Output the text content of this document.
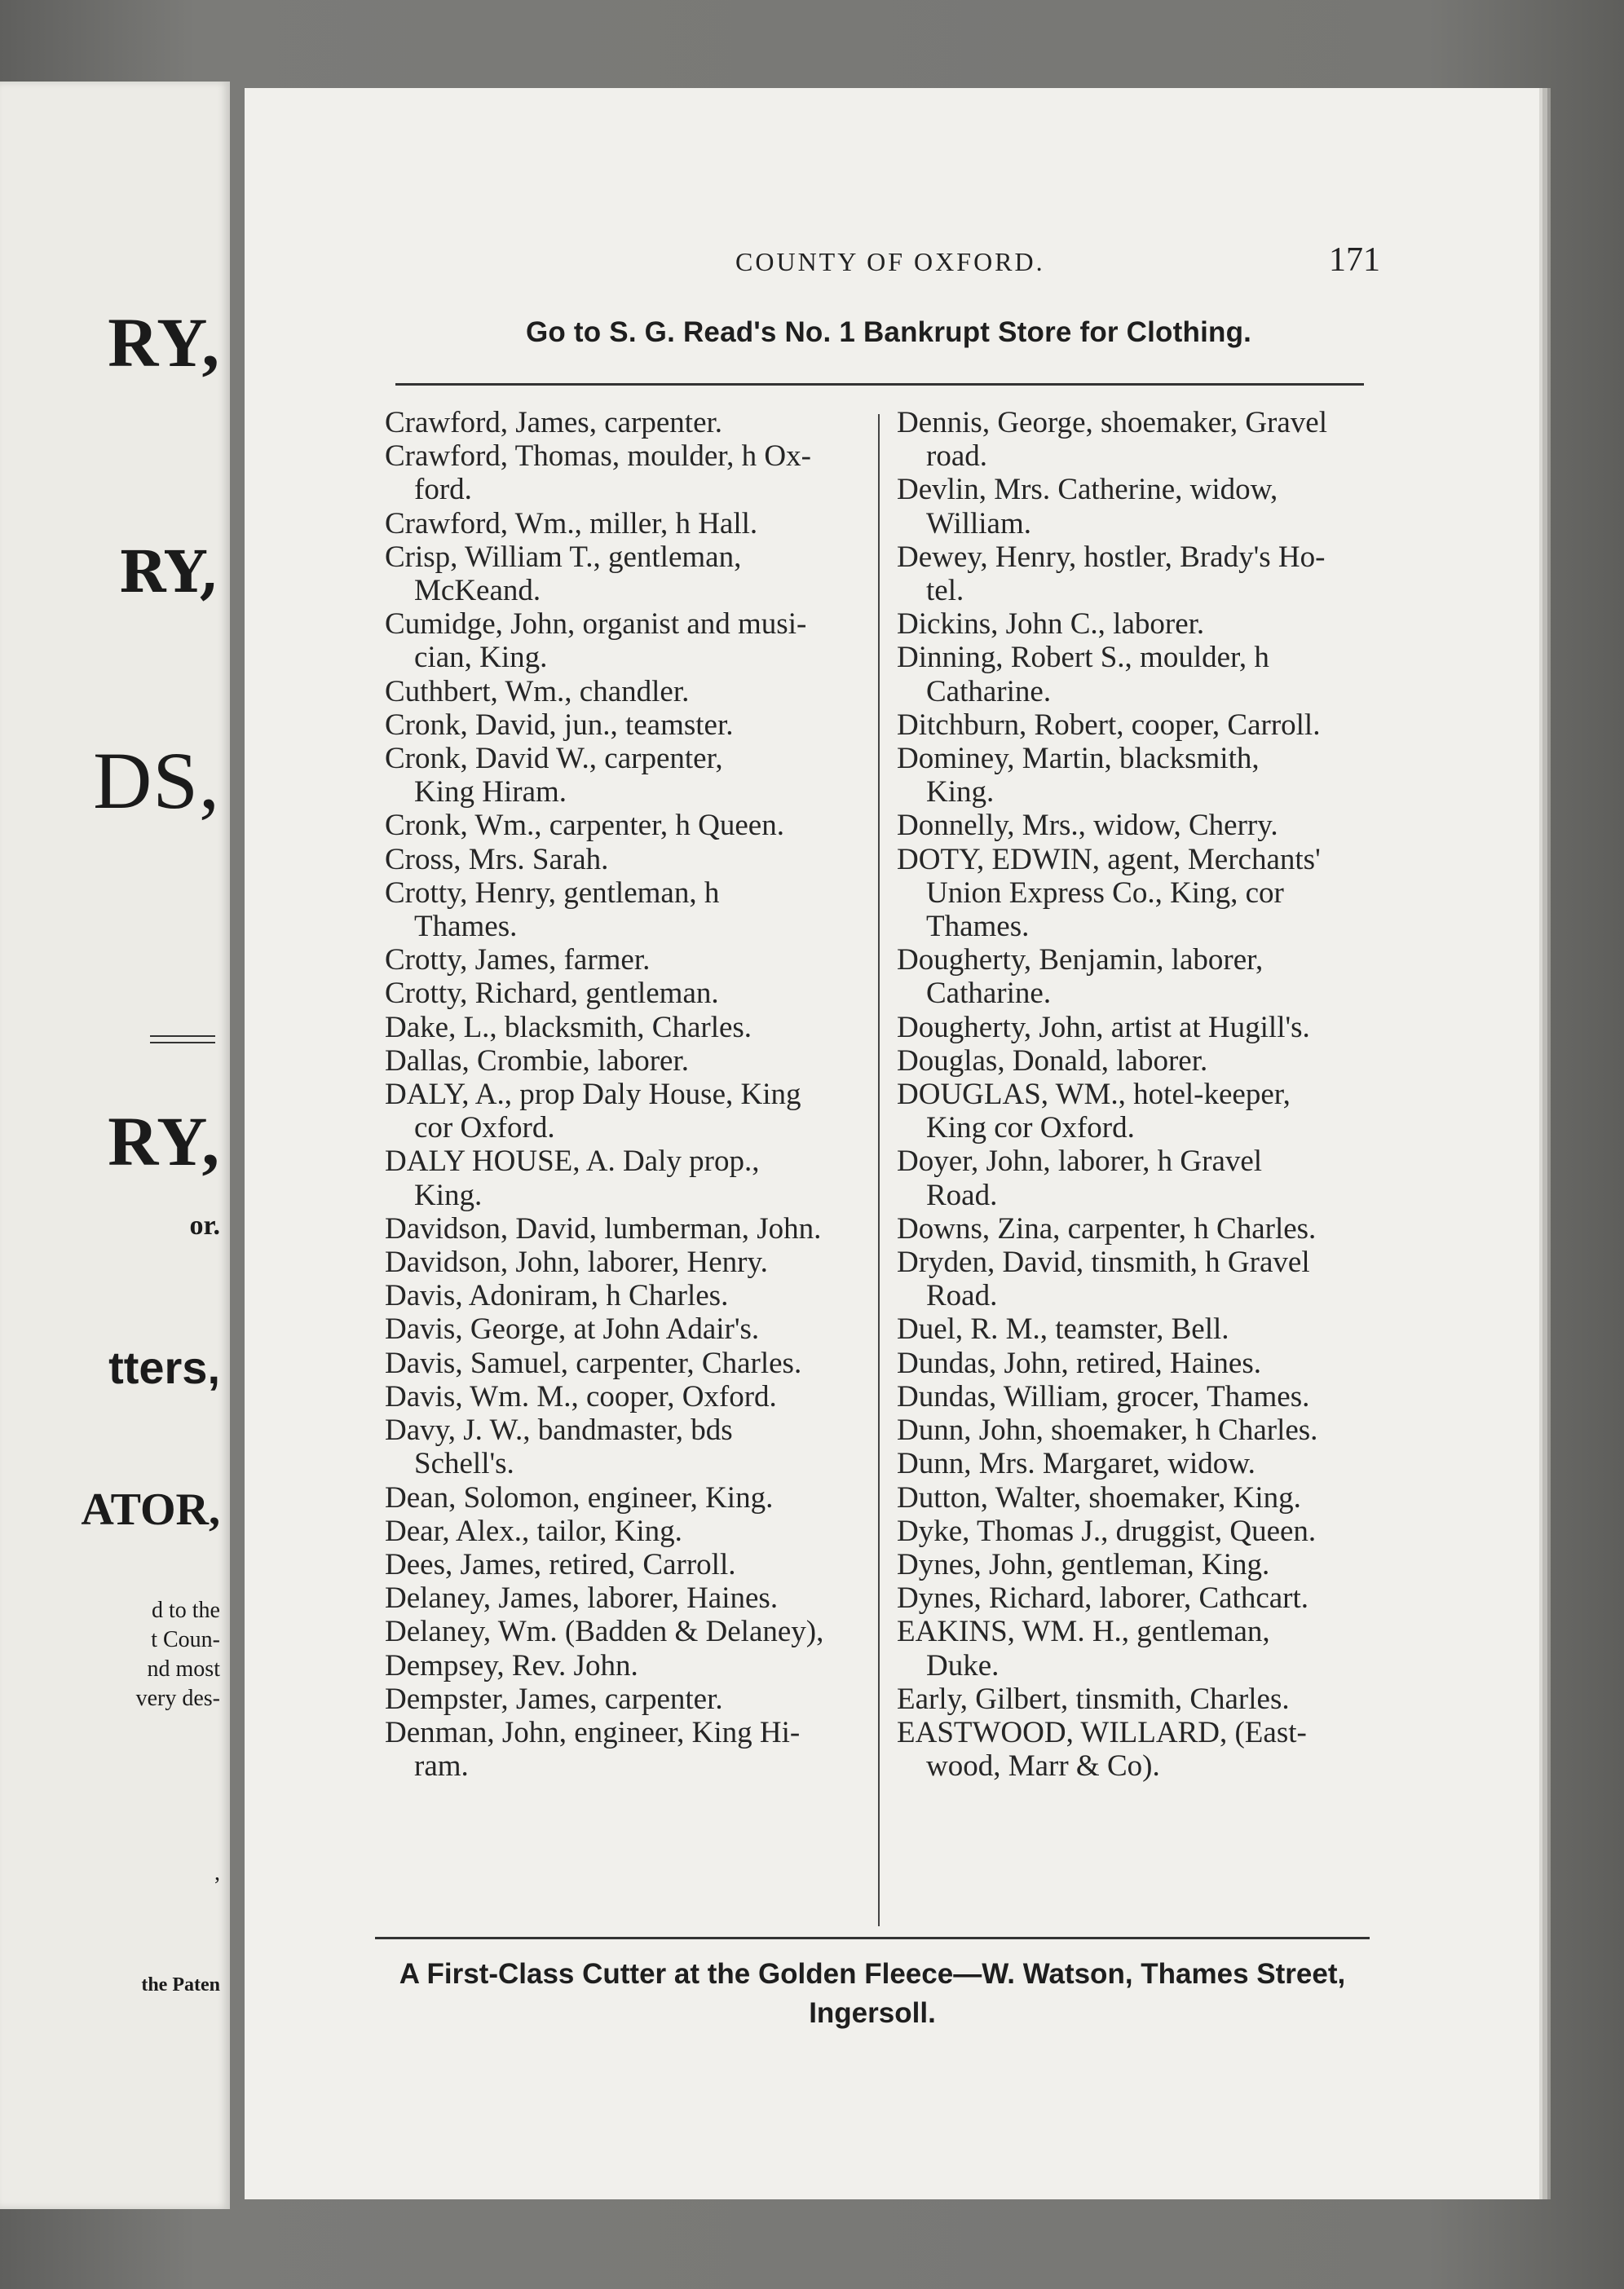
RY,
RY,
DS,
RY,
or.
tters,
ATOR,
d to the
t Coun-
nd most
very des-
,
the Paten
COUNTY OF OXFORD.	171
Go to S. G. Read's No. 1 Bankrupt Store for Clothing.
Crawford, James, carpenter.
Crawford, Thomas, moulder, h Ox-
ford.
Crawford, Wm., miller, h Hall.
Crisp, William T., gentleman,
McKeand.
Cumidge, John, organist and musi-
cian, King.
Cuthbert, Wm., chandler.
Cronk, David, jun., teamster.
Cronk, David W., carpenter,
King Hiram.
Cronk, Wm., carpenter, h Queen.
Cross, Mrs. Sarah.
Crotty, Henry, gentleman, h
Thames.
Crotty, James, farmer.
Crotty, Richard, gentleman.
Dake, L., blacksmith, Charles.
Dallas, Crombie, laborer.
DALY, A., prop Daly House, King
cor Oxford.
DALY HOUSE, A. Daly prop.,
King.
Davidson, David, lumberman, John.
Davidson, John, laborer, Henry.
Davis, Adoniram, h Charles.
Davis, George, at John Adair's.
Davis, Samuel, carpenter, Charles.
Davis, Wm. M., cooper, Oxford.
Davy, J. W., bandmaster, bds
Schell's.
Dean, Solomon, engineer, King.
Dear, Alex., tailor, King.
Dees, James, retired, Carroll.
Delaney, James, laborer, Haines.
Delaney, Wm. (Badden & Delaney),
Dempsey, Rev. John.
Dempster, James, carpenter.
Denman, John, engineer, King Hi-
ram.
Dennis, George, shoemaker, Gravel
road.
Devlin, Mrs. Catherine, widow,
William.
Dewey, Henry, hostler, Brady's Ho-
tel.
Dickins, John C., laborer.
Dinning, Robert S., moulder, h
Catharine.
Ditchburn, Robert, cooper, Carroll.
Dominey, Martin, blacksmith,
King.
Donnelly, Mrs., widow, Cherry.
DOTY, EDWIN, agent, Merchants'
Union Express Co., King, cor
Thames.
Dougherty, Benjamin, laborer,
Catharine.
Dougherty, John, artist at Hugill's.
Douglas, Donald, laborer.
DOUGLAS, WM., hotel-keeper,
King cor Oxford.
Doyer, John, laborer, h Gravel
Road.
Downs, Zina, carpenter, h Charles.
Dryden, David, tinsmith, h Gravel
Road.
Duel, R. M., teamster, Bell.
Dundas, John, retired, Haines.
Dundas, William, grocer, Thames.
Dunn, John, shoemaker, h Charles.
Dunn, Mrs. Margaret, widow.
Dutton, Walter, shoemaker, King.
Dyke, Thomas J., druggist, Queen.
Dynes, John, gentleman, King.
Dynes, Richard, laborer, Cathcart.
EAKINS, WM. H., gentleman,
Duke.
Early, Gilbert, tinsmith, Charles.
EASTWOOD, WILLARD, (East-
wood, Marr & Co).
A First-Class Cutter at the Golden Fleece—W. Watson, Thames Street,
Ingersoll.
